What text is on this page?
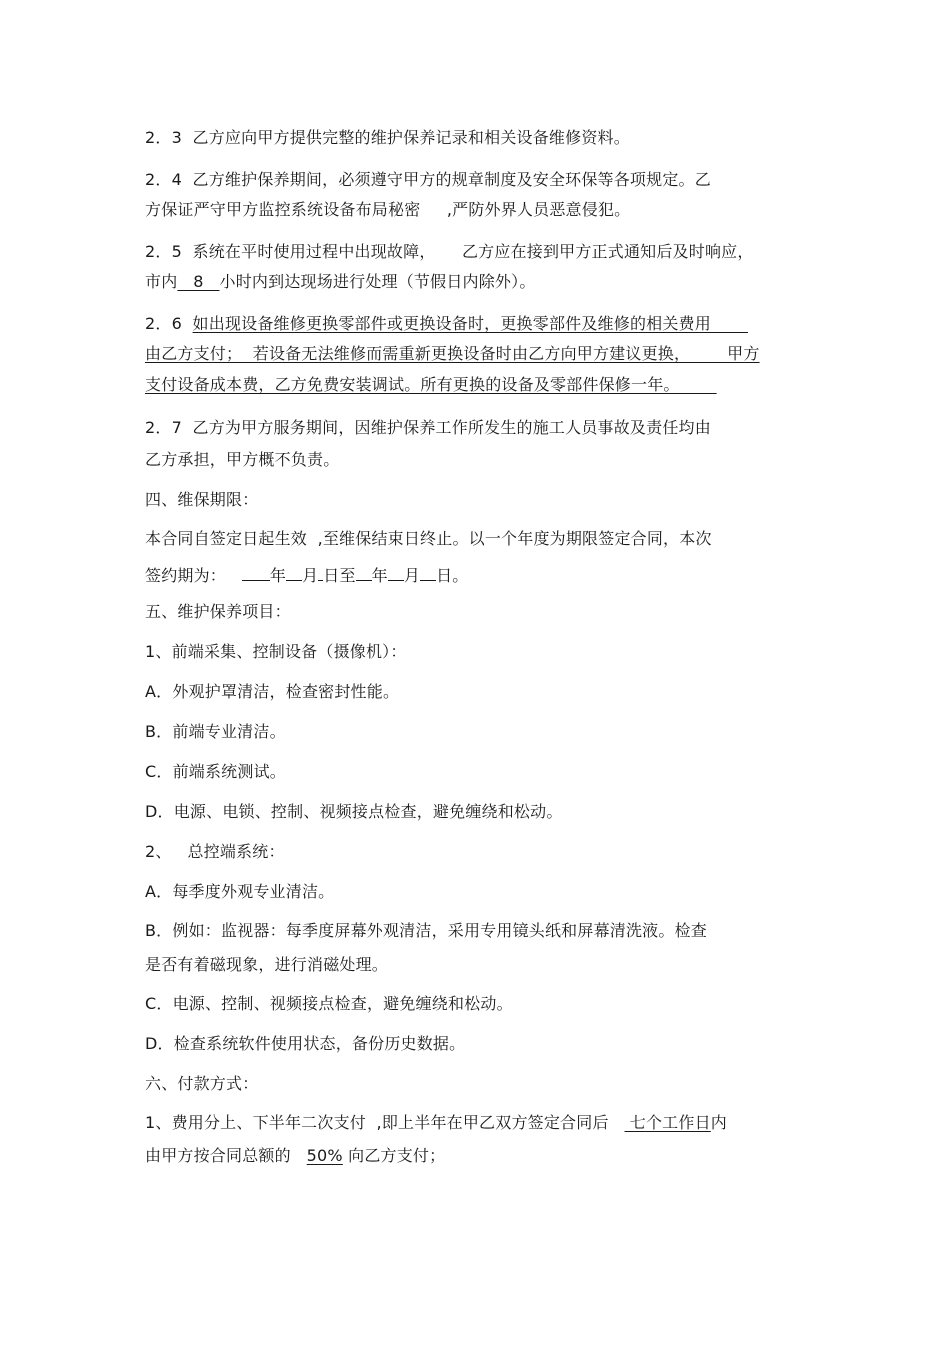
2．3  乙方应向甲方提供完整的维护保养记录和相关设备维修资料。
2．4  乙方维护保养期间，必须遵守甲方的规章制度及安全环保等各项规定。乙
方保证严守甲方监控系统设备布局秘密     ,严防外界人员恶意侵犯。
2．5  系统在平时使用过程中出现故障，     乙方应在接到甲方正式通知后及时响应，
市内   8   小时内到达现场进行处理（节假日内除外）。
2．6  如出现设备维修更换零部件或更换设备时，更换零部件及维修的相关费用
由乙方支付；  若设备无法维修而需重新更换设备时由乙方向甲方建议更换，       甲方
支付设备成本费，乙方免费安装调试。所有更换的设备及零部件保修一年。
2．7  乙方为甲方服务期间，因维护保养工作所发生的施工人员事故及责任均由
乙方承担，甲方概不负责。
四、维保期限：
本合同自签定日起生效  ,至维保结束日终止。以一个年度为期限签定合同，本次
签约期为：   年 月 日至 年 月 日。
五、维护保养项目：
1、前端采集、控制设备（摄像机）：
A．外观护罩清洁，检查密封性能。
B．前端专业清洁。
C．前端系统测试。
D．电源、电锁、控制、视频接点检查，避免缠绕和松动。
2、   总控端系统：
A．每季度外观专业清洁。
B．例如：监视器：每季度屏幕外观清洁，采用专用镜头纸和屏幕清洗液。检查
是否有着磁现象，进行消磁处理。
C．电源、控制、视频接点检查，避免缠绕和松动。
D．检查系统软件使用状态，备份历史数据。
六、付款方式：
1、费用分上、下半年二次支付  ,即上半年在甲乙双方签定合同后    七个工作日内
由甲方按合同总额的   50% 向乙方支付；
